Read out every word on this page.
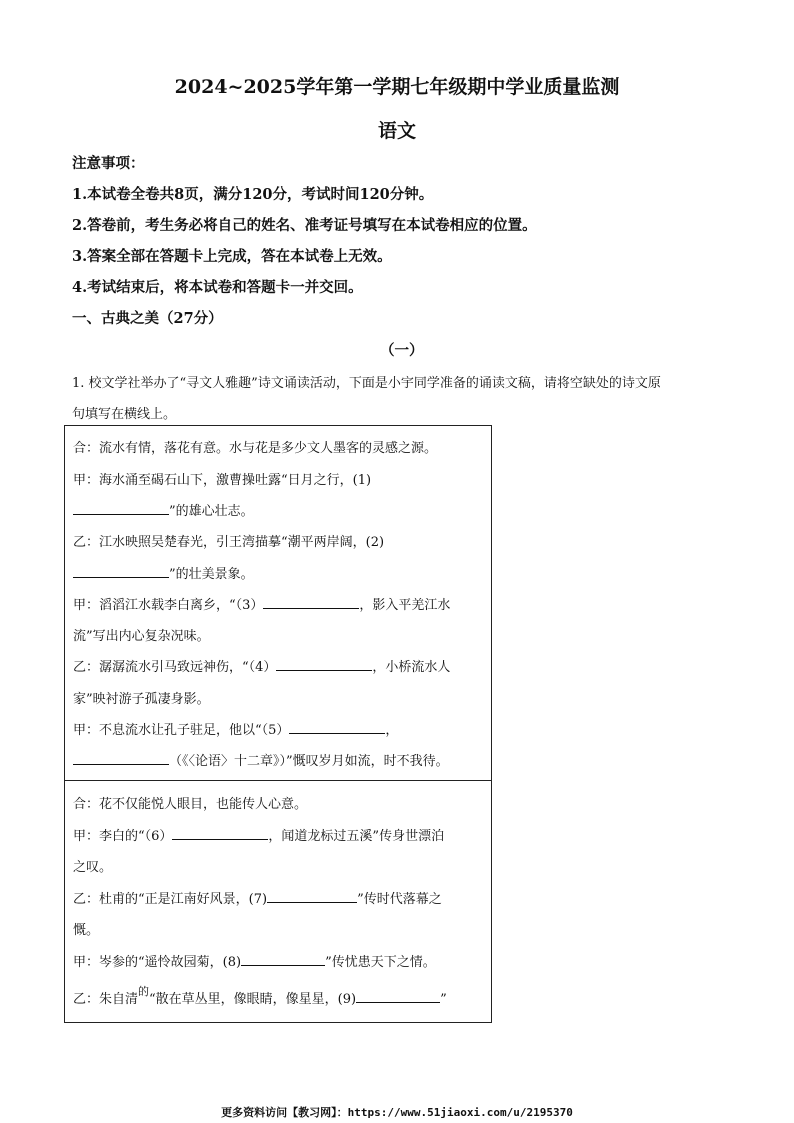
2024~2025学年第一学期七年级期中学业质量监测
语文
注意事项：
1.本试卷全卷共8页，满分120分，考试时间120分钟。
2.答卷前，考生务必将自己的姓名、准考证号填写在本试卷相应的位置。
3.答案全部在答题卡上完成，答在本试卷上无效。
4.考试结束后，将本试卷和答题卡一并交回。
一、古典之美（27分）
（一）
1. 校文学社举办了“寻文人雅趣”诗文诵读活动，下面是小宇同学准备的诵读文稿，请将空缺处的诗文原
句填写在横线上。
合：流水有情，落花有意。水与花是多少文人墨客的灵感之源。
甲：海水涌至碣石山下，激曹操吐露“日月之行，(1)
”的雄心壮志。
乙：江水映照吴楚春光，引王湾描摹“潮平两岸阔，(2)
”的壮美景象。
甲：滔滔江水载李白离乡，“（3）	，影入平羌江水
流”写出内心复杂况味。
乙：潺潺流水引马致远神伤，“（4）	，小桥流水人
家”映衬游子孤凄身影。
甲：不息流水让孔子驻足，他以“（5）	，
（《〈论语〉十二章》）”慨叹岁月如流，时不我待。
合：花不仅能悦人眼目，也能传人心意。
甲：李白的“（6）	，闻道龙标过五溪”传身世漂泊
之叹。
乙：杜甫的“正是江南好风景，(7)	”传时代落幕之
慨。
甲：岑参的“遥怜故园菊，(8)	”传忧患天下之情。
乙：朱自清$^的$“散在草丛里，像眼睛，像星星，(9)	”
更多资料访问【教习网】：https://www.51jiaoxi.com/u/2195370
